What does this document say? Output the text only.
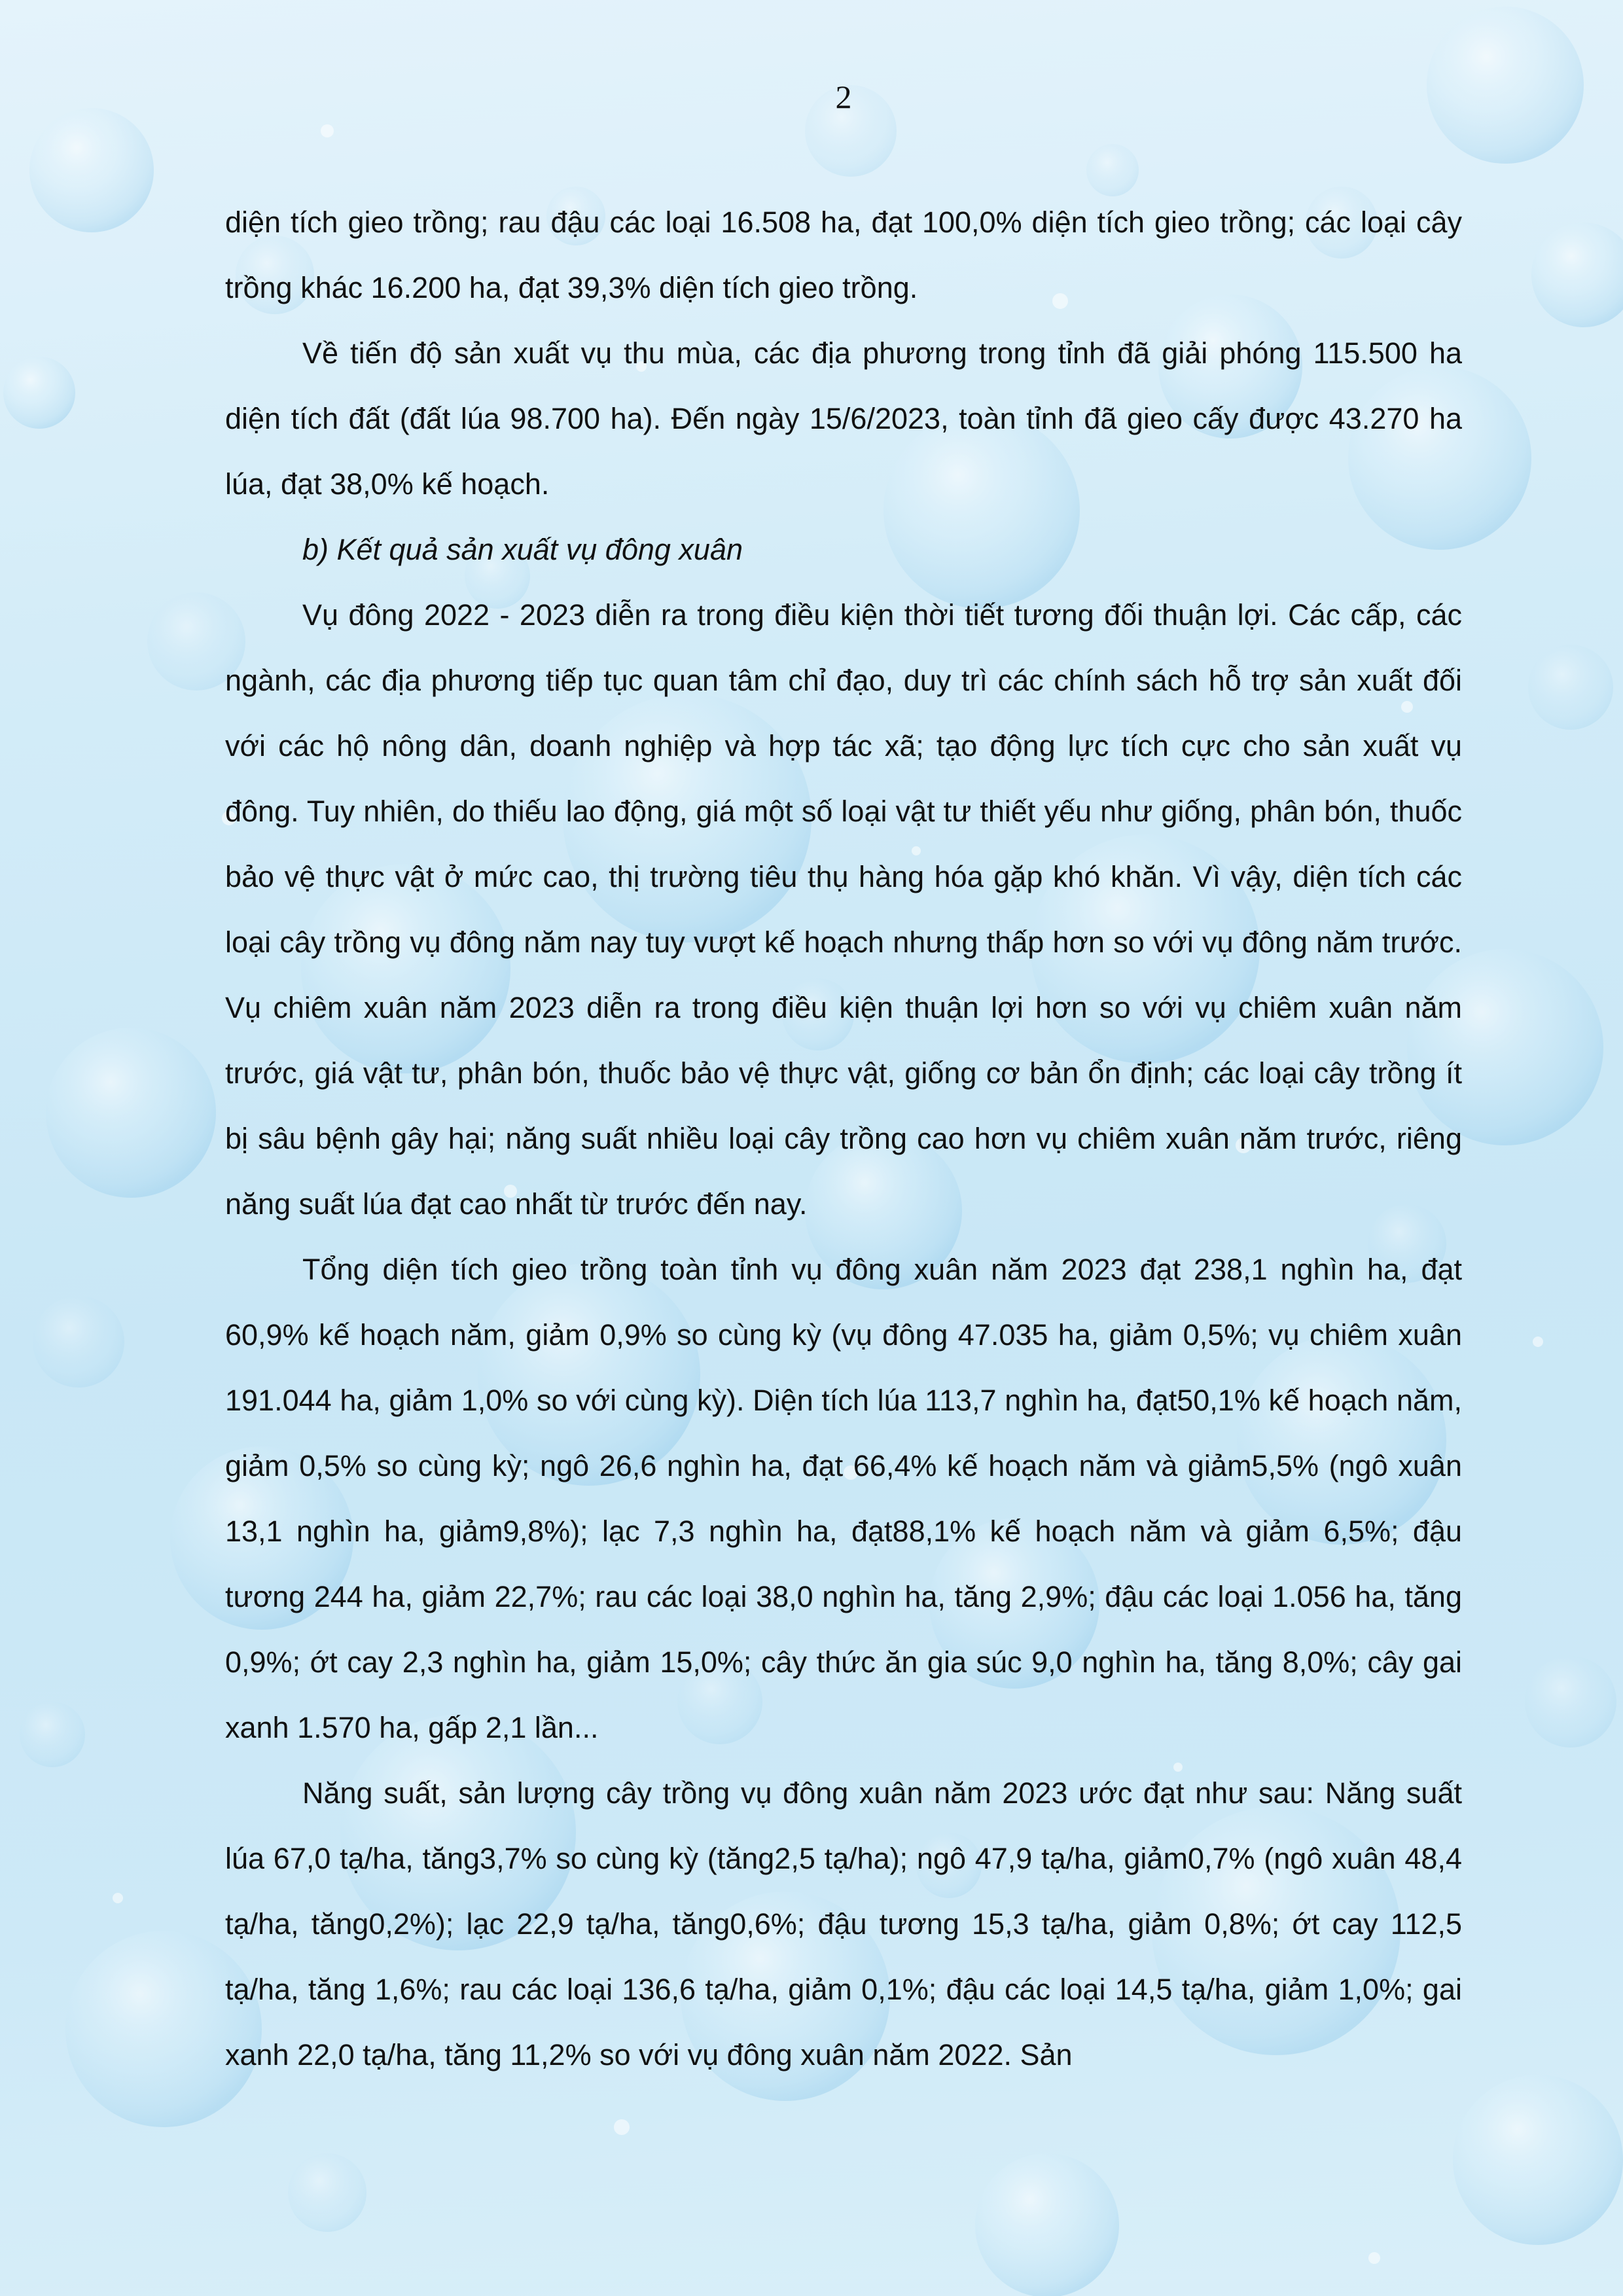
2

diện tích gieo trồng; rau đậu các loại 16.508 ha, đạt 100,0% diện tích gieo trồng; các loại cây trồng khác 16.200 ha, đạt 39,3% diện tích gieo trồng.

Về tiến độ sản xuất vụ thu mùa, các địa phương trong tỉnh đã giải phóng 115.500 ha diện tích đất (đất lúa 98.700 ha). Đến ngày 15/6/2023, toàn tỉnh đã gieo cấy được 43.270 ha lúa, đạt 38,0% kế hoạch.

b) Kết quả sản xuất vụ đông xuân

Vụ đông 2022 - 2023 diễn ra trong điều kiện thời tiết tương đối thuận lợi. Các cấp, các ngành, các địa phương tiếp tục quan tâm chỉ đạo, duy trì các chính sách hỗ trợ sản xuất đối với các hộ nông dân, doanh nghiệp và hợp tác xã; tạo động lực tích cực cho sản xuất vụ đông. Tuy nhiên, do thiếu lao động, giá một số loại vật tư thiết yếu như giống, phân bón, thuốc bảo vệ thực vật ở mức cao, thị trường tiêu thụ hàng hóa gặp khó khăn. Vì vậy, diện tích các loại cây trồng vụ đông năm nay tuy vượt kế hoạch nhưng thấp hơn so với vụ đông năm trước. Vụ chiêm xuân năm 2023 diễn ra trong điều kiện thuận lợi hơn so với vụ chiêm xuân năm trước, giá vật tư, phân bón, thuốc bảo vệ thực vật, giống cơ bản ổn định; các loại cây trồng ít bị sâu bệnh gây hại; năng suất nhiều loại cây trồng cao hơn vụ chiêm xuân năm trước, riêng năng suất lúa đạt cao nhất từ trước đến nay.

Tổng diện tích gieo trồng toàn tỉnh vụ đông xuân năm 2023 đạt 238,1 nghìn ha, đạt 60,9% kế hoạch năm, giảm 0,9% so cùng kỳ (vụ đông 47.035 ha, giảm 0,5%; vụ chiêm xuân 191.044 ha, giảm 1,0% so với cùng kỳ). Diện tích lúa 113,7 nghìn ha, đạt50,1% kế hoạch năm, giảm 0,5% so cùng kỳ; ngô 26,6 nghìn ha, đạt 66,4% kế hoạch năm và giảm5,5% (ngô xuân 13,1 nghìn ha, giảm9,8%); lạc 7,3 nghìn ha, đạt88,1% kế hoạch năm và giảm 6,5%; đậu tương 244 ha, giảm 22,7%; rau các loại 38,0 nghìn ha, tăng 2,9%; đậu các loại 1.056 ha, tăng 0,9%; ớt cay 2,3 nghìn ha, giảm 15,0%; cây thức ăn gia súc 9,0 nghìn ha, tăng 8,0%; cây gai xanh 1.570 ha, gấp 2,1 lần...

Năng suất, sản lượng cây trồng vụ đông xuân năm 2023 ước đạt như sau: Năng suất lúa 67,0 tạ/ha, tăng3,7% so cùng kỳ (tăng2,5 tạ/ha); ngô 47,9 tạ/ha, giảm0,7% (ngô xuân 48,4 tạ/ha, tăng0,2%); lạc 22,9 tạ/ha, tăng0,6%; đậu tương 15,3 tạ/ha, giảm 0,8%; ớt cay 112,5 tạ/ha, tăng 1,6%; rau các loại 136,6 tạ/ha, giảm 0,1%; đậu các loại 14,5 tạ/ha, giảm 1,0%; gai xanh 22,0 tạ/ha, tăng 11,2% so với vụ đông xuân năm 2022. Sản
